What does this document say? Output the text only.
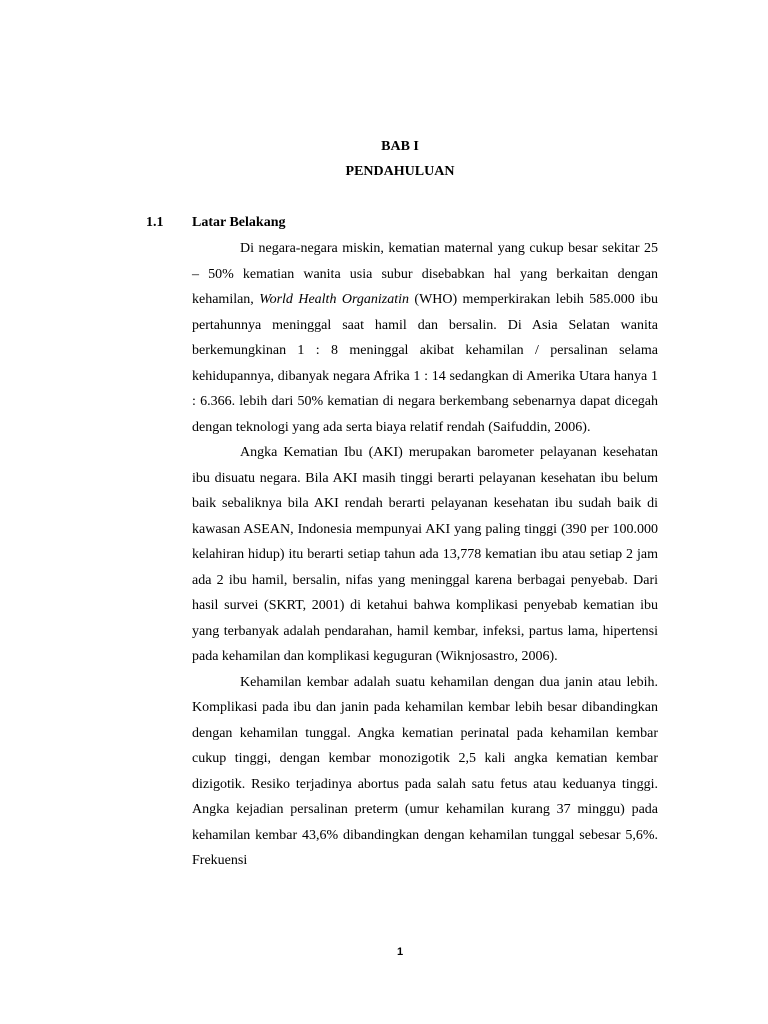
BAB I
PENDAHULUAN
1.1 Latar Belakang

Di negara-negara miskin, kematian maternal yang cukup besar sekitar 25 – 50% kematian wanita usia subur disebabkan hal yang berkaitan dengan kehamilan, World Health Organizatin (WHO) memperkirakan lebih 585.000 ibu pertahunnya meninggal saat hamil dan bersalin. Di Asia Selatan wanita berkemungkinan 1 : 8 meninggal akibat kehamilan / persalinan selama kehidupannya, dibanyak negara Afrika 1 : 14 sedangkan di Amerika Utara hanya 1 : 6.366. lebih dari 50% kematian di negara berkembang sebenarnya dapat dicegah dengan teknologi yang ada serta biaya relatif rendah (Saifuddin, 2006).

Angka Kematian Ibu (AKI) merupakan barometer pelayanan kesehatan ibu disuatu negara. Bila AKI masih tinggi berarti pelayanan kesehatan ibu belum baik sebaliknya bila AKI rendah berarti pelayanan kesehatan ibu sudah baik di kawasan ASEAN, Indonesia mempunyai AKI yang paling tinggi (390 per 100.000 kelahiran hidup) itu berarti setiap tahun ada 13,778 kematian ibu atau setiap 2 jam ada 2 ibu hamil, bersalin, nifas yang meninggal karena berbagai penyebab. Dari hasil survei (SKRT, 2001) di ketahui bahwa komplikasi penyebab kematian ibu yang terbanyak adalah pendarahan, hamil kembar, infeksi, partus lama, hipertensi pada kehamilan dan komplikasi keguguran (Wiknjosastro, 2006).

Kehamilan kembar adalah suatu kehamilan dengan dua janin atau lebih. Komplikasi pada ibu dan janin pada kehamilan kembar lebih besar dibandingkan dengan kehamilan tunggal. Angka kematian perinatal pada kehamilan kembar cukup tinggi, dengan kembar monozigotik 2,5 kali angka kematian kembar dizigotik. Resiko terjadinya abortus pada salah satu fetus atau keduanya tinggi. Angka kejadian persalinan preterm (umur kehamilan kurang 37 minggu) pada kehamilan kembar 43,6% dibandingkan dengan kehamilan tunggal sebesar 5,6%. Frekuensi

1
